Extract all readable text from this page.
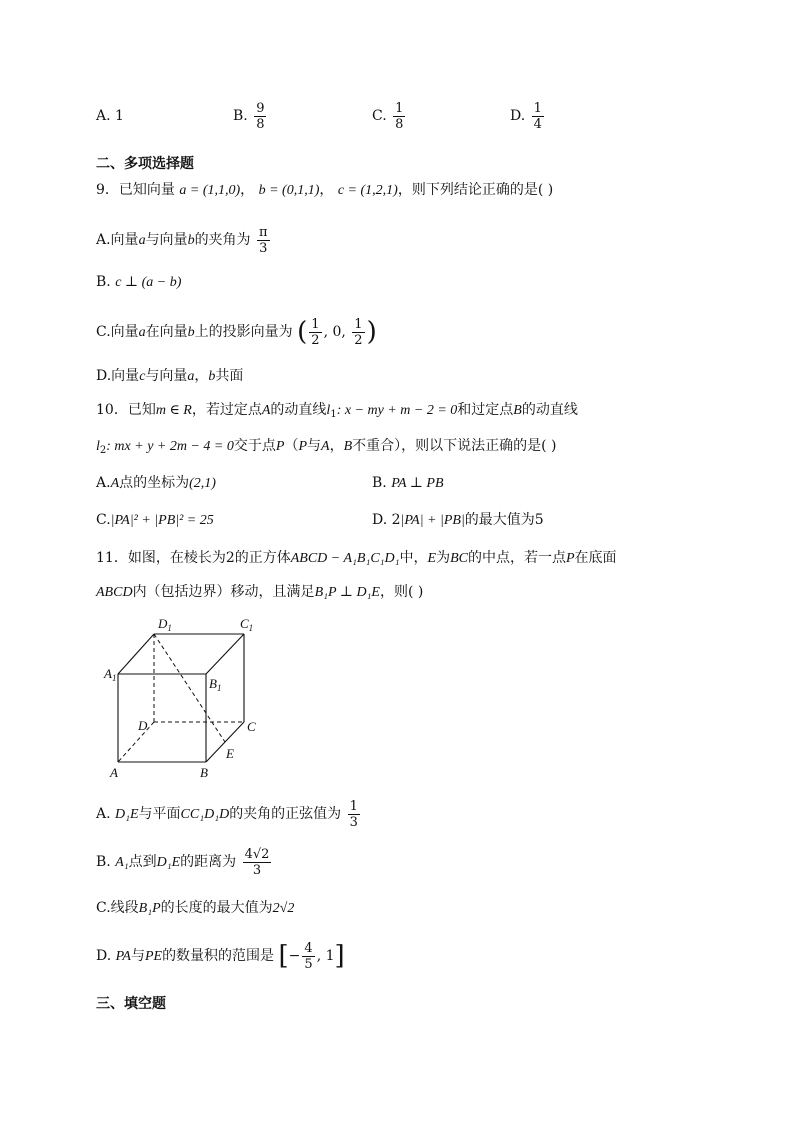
A. 1	B. $\frac{9}{8}$	C. $\frac{1}{8}$	D. $\frac{1}{4}$
二、多项选择题
9．已知向量 a = (1,1,0)， b = (0,1,1)， c = (1,2,1)，则下列结论正确的是( )
A.向量a与向量b的夹角为 $\frac{\pi}{3}$
B. c ⊥ (a − b)
C.向量a在向量b上的投影向量为 ( $\frac{1}{2}$ , 0, $\frac{1}{2}$ )
D.向量c与向量a，b共面
10．已知m ∈ R，若过定点A的动直线$l_1$: x − my + m − 2 = 0和过定点B的动直线
$l_2$: mx + y + 2m − 4 = 0交于点P（P与A，B不重合），则以下说法正确的是( )
A.A点的坐标为(2,1)	B. PA ⊥ PB
C.|PA|² + |PB|² = 25	D. 2|PA| + |PB|的最大值为5
11．如图，在棱长为2的正方体ABCD − A₁B₁C₁D₁中，E为BC的中点，若一点P在底面
ABCD内（包括边界）移动，且满足B₁P ⊥ D₁E，则( )
$A_1$
$D_1$	$C_1$
$B_1$
D	C
E
A	B
A. D₁E与平面CC₁D₁D的夹角的正弦值为 $\frac{1}{3}$
B. A₁点到D₁E的距离为 $\frac{4√2}{3}$
C.线段B₁P的长度的最大值为2√2
D. PA与PE的数量积的范围是 [− $\frac{4}{5}$ , 1]
三、填空题
